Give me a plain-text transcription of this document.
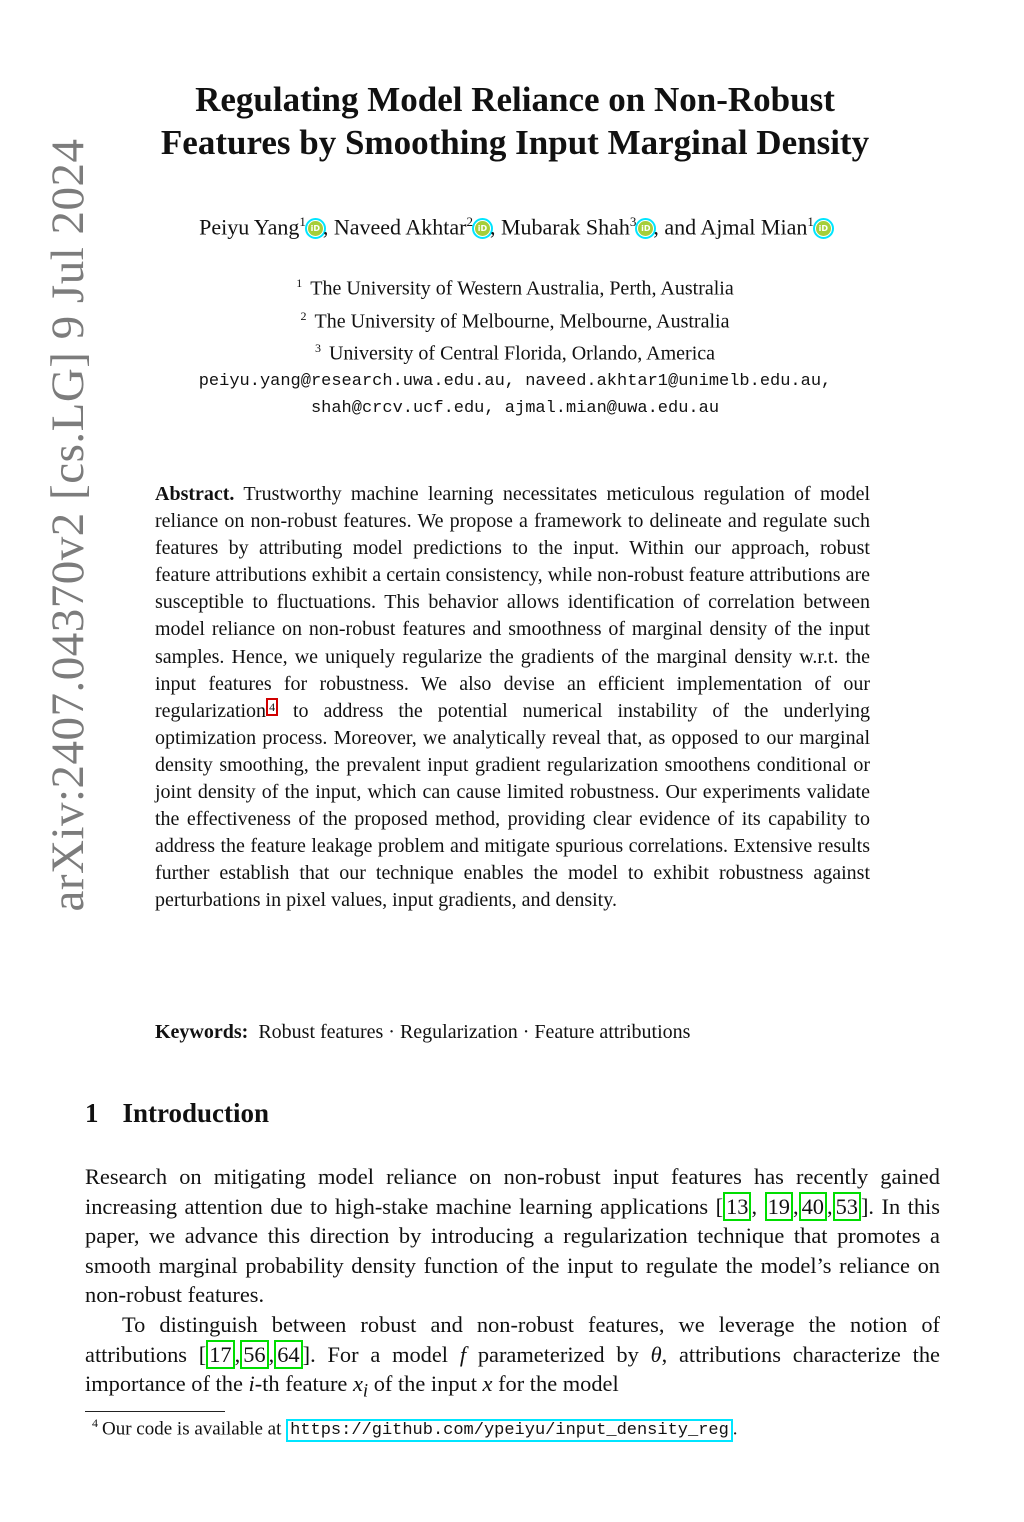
arXiv:2407.04370v2 [cs.LG] 9 Jul 2024
Regulating Model Reliance on Non-Robust
Features by Smoothing Input Marginal Density
Peiyu Yang$^1$ iD , Naveed Akhtar$^2$ iD , Mubarak Shah$^3$ iD , and Ajmal Mian$^1$ iD
$^1$ The University of Western Australia, Perth, Australia
$^2$ The University of Melbourne, Melbourne, Australia
$^3$ University of Central Florida, Orlando, America
peiyu.yang@research.uwa.edu.au, naveed.akhtar1@unimelb.edu.au,
shah@crcv.ucf.edu, ajmal.mian@uwa.edu.au
Abstract. Trustworthy machine learning necessitates meticulous regulation of model reliance on non-robust features. We propose a framework to delineate and regulate such features by attributing model predictions to the input. Within our approach, robust feature attributions exhibit a certain consistency, while non-robust feature attributions are susceptible to fluctuations. This behavior allows identification of correlation between model reliance on non-robust features and smoothness of marginal density of the input samples. Hence, we uniquely regularize the gradients of the marginal density w.r.t. the input features for robustness. We also devise an efficient implementation of our regularization 4 to address the potential numerical instability of the underlying optimization process. Moreover, we analytically reveal that, as opposed to our marginal density smoothing, the prevalent input gradient regularization smoothens conditional or joint density of the input, which can cause limited robustness. Our experiments validate the effectiveness of the proposed method, providing clear evidence of its capability to address the feature leakage problem and mitigate spurious correlations. Extensive results further establish that our technique enables the model to exhibit robustness against perturbations in pixel values, input gradients, and density.
Keywords: Robust features · Regularization · Feature attributions
1 Introduction

Research on mitigating model reliance on non-robust input features has recently gained increasing attention due to high-stake machine learning applications [ 13 , 19 , 40 , 53 ]. In this paper, we advance this direction by introducing a regularization technique that promotes a smooth marginal probability density function of the input to regulate the model’s reliance on non-robust features.

To distinguish between robust and non-robust features, we leverage the notion of attributions [ 17 , 56 , 64 ]. For a model f parameterized by θ, attributions characterize the importance of the i-th feature $x_i$ of the input x for the model

$^4$ Our code is available at https://github.com/ypeiyu/input_density_reg .
